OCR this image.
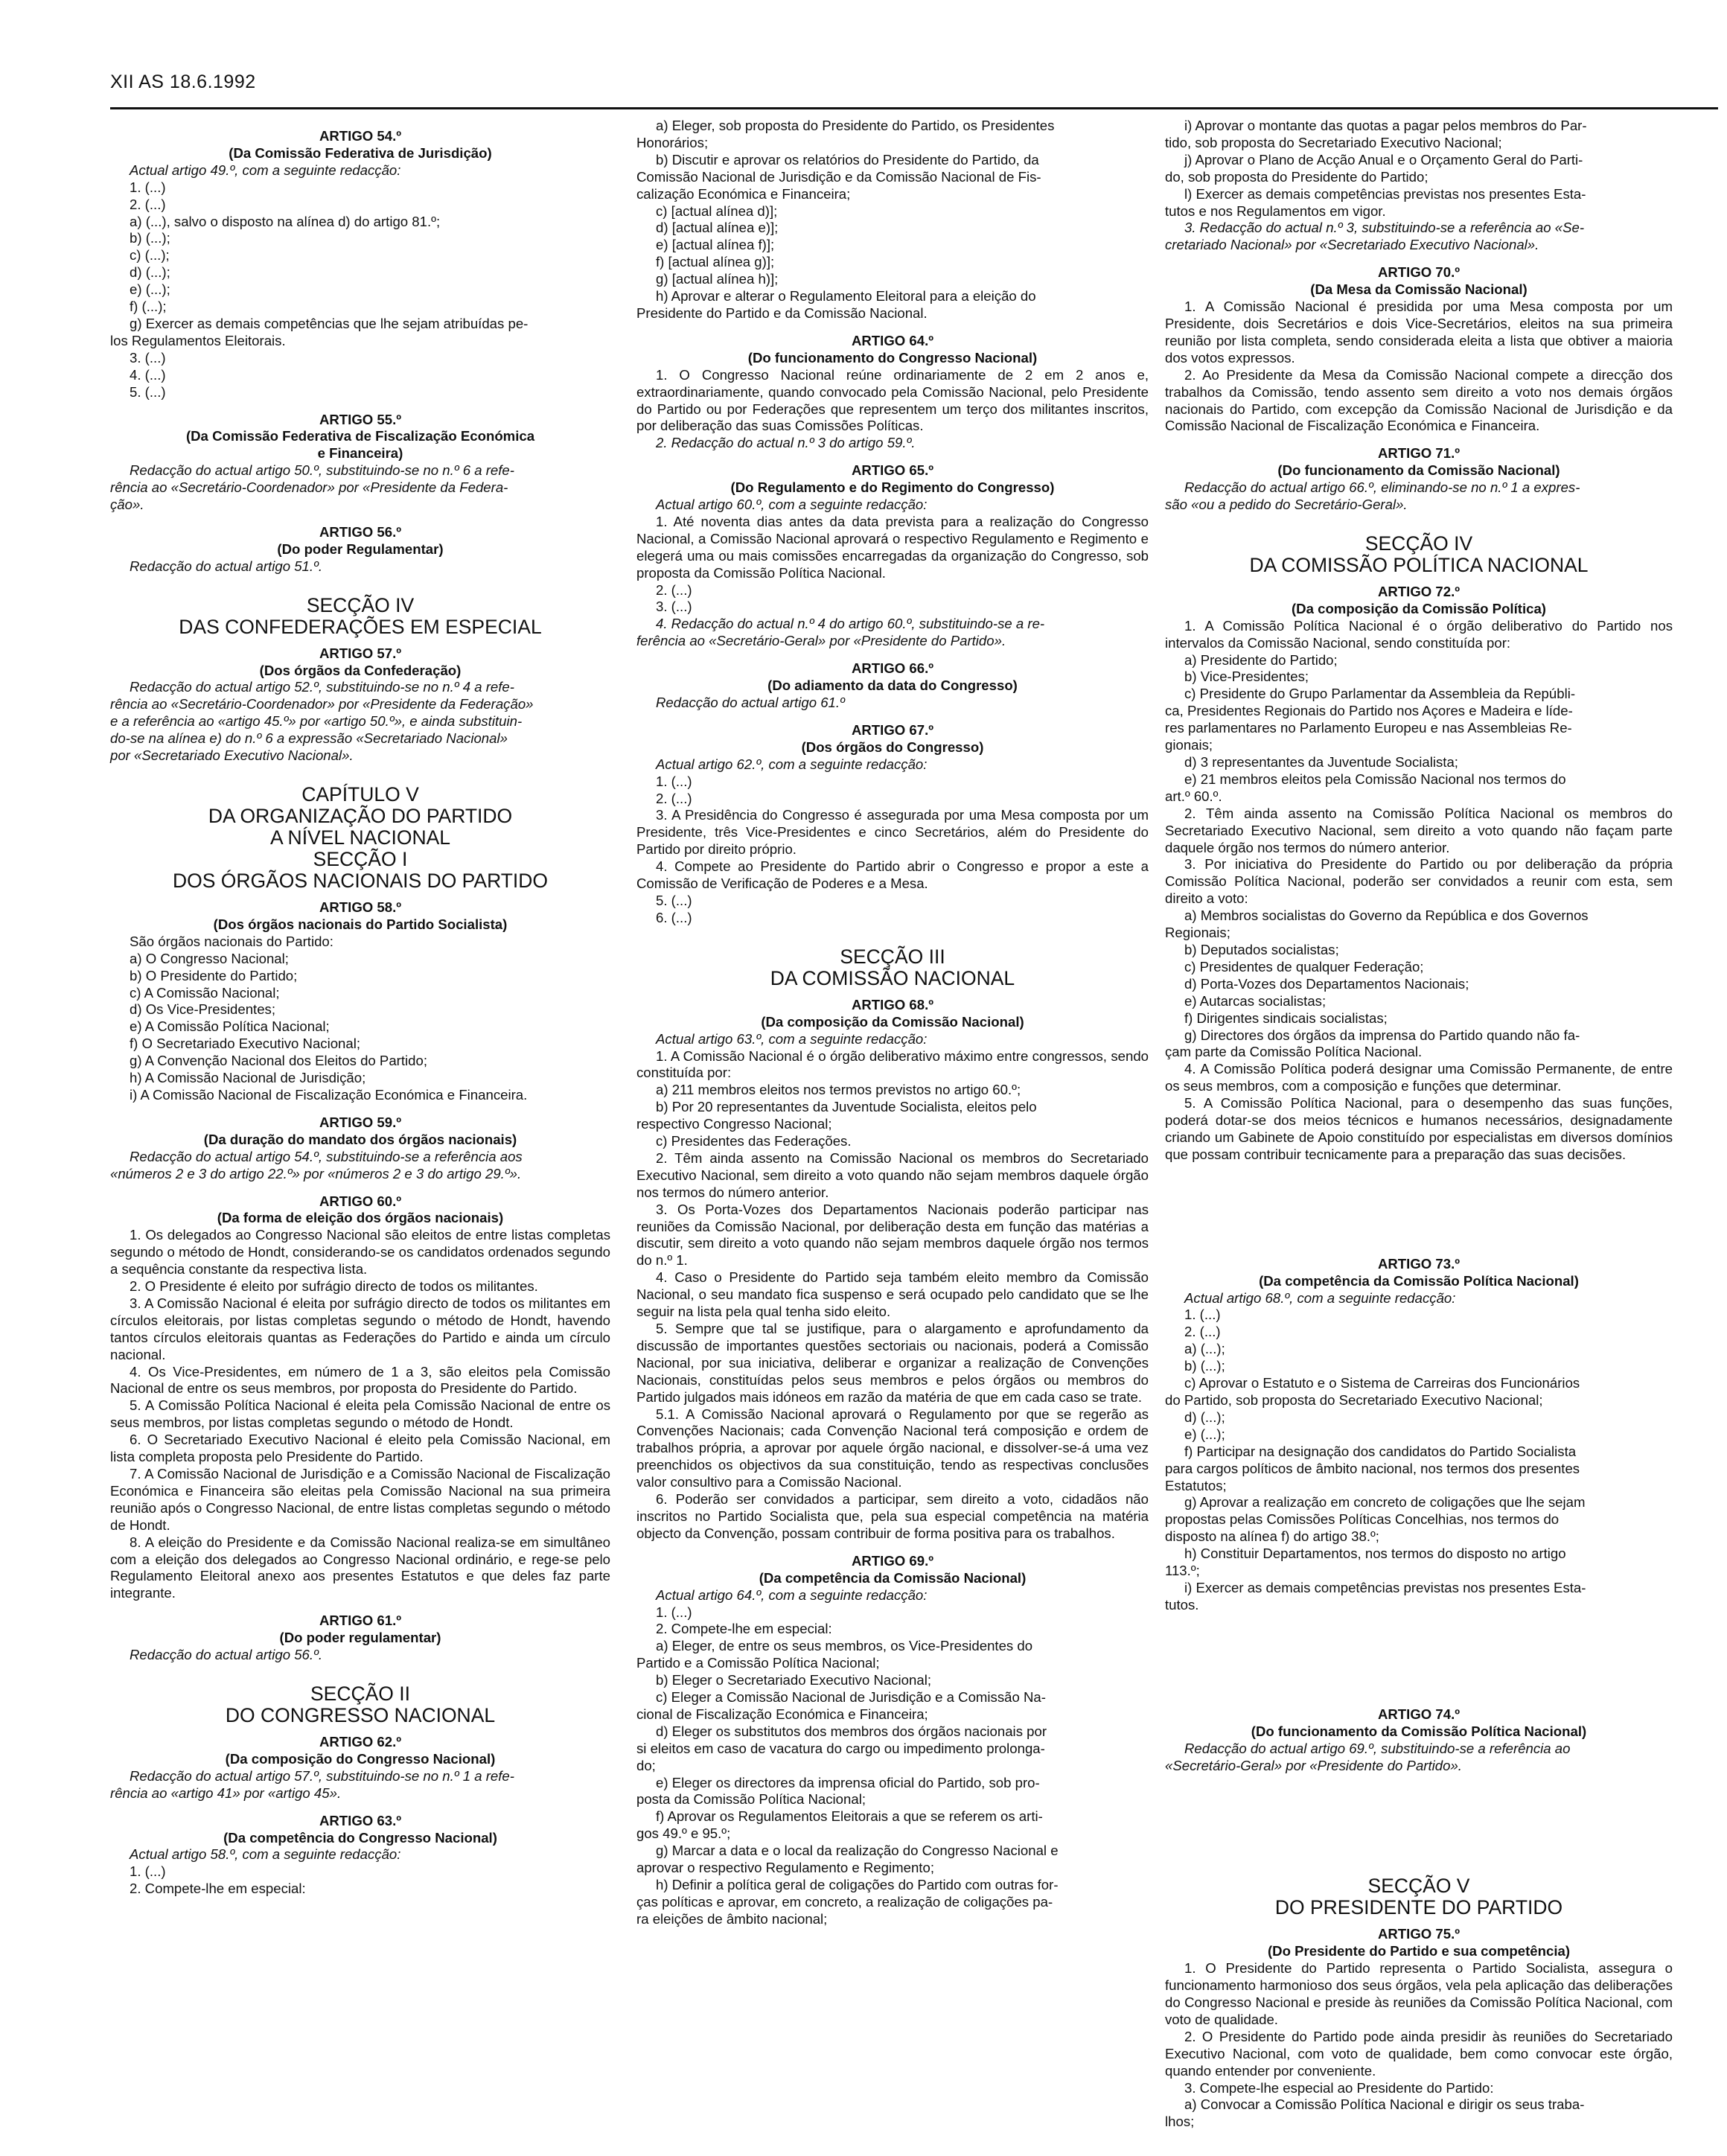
XII AS 18.6.1992
ARTIGO 54.º
(Da Comissão Federativa de Jurisdição)
Actual artigo 49.º, com a seguinte redacção:
1. (...)
2. (...)
a) (...), salvo o disposto na alínea d) do artigo 81.º;
b) (...);
c) (...);
d) (...);
e) (...);
f) (...);
g) Exercer as demais competências que lhe sejam atribuídas pe-
los Regulamentos Eleitorais.
3. (...)
4. (...)
5. (...)
ARTIGO 55.º
(Da Comissão Federativa de Fiscalização Económica
e Financeira)
Redacção do actual artigo 50.º, substituindo-se no n.º 6 a refe-
rência ao «Secretário-Coordenador» por «Presidente da Federa-
ção».
ARTIGO 56.º
(Do poder Regulamentar)
Redacção do actual artigo 51.º.
SECÇÃO IV
DAS CONFEDERAÇÕES EM ESPECIAL
ARTIGO 57.º
(Dos órgãos da Confederação)
Redacção do actual artigo 52.º, substituindo-se no n.º 4 a refe-
rência ao «Secretário-Coordenador» por «Presidente da Federação»
e a referência ao «artigo 45.º» por «artigo 50.º», e ainda substituin-
do-se na alínea e) do n.º 6 a expressão «Secretariado Nacional»
por «Secretariado Executivo Nacional».
CAPÍTULO V
DA ORGANIZAÇÃO DO PARTIDO
A NÍVEL NACIONAL
SECÇÃO I
DOS ÓRGÃOS NACIONAIS DO PARTIDO
ARTIGO 58.º
(Dos órgãos nacionais do Partido Socialista)
São órgãos nacionais do Partido:
a) O Congresso Nacional;
b) O Presidente do Partido;
c) A Comissão Nacional;
d) Os Vice-Presidentes;
e) A Comissão Política Nacional;
f) O Secretariado Executivo Nacional;
g) A Convenção Nacional dos Eleitos do Partido;
h) A Comissão Nacional de Jurisdição;
i) A Comissão Nacional de Fiscalização Económica e Financeira.
ARTIGO 59.º
(Da duração do mandato dos órgãos nacionais)
Redacção do actual artigo 54.º, substituindo-se a referência aos
«números 2 e 3 do artigo 22.º» por «números 2 e 3 do artigo 29.º».
ARTIGO 60.º
(Da forma de eleição dos órgãos nacionais)
1. Os delegados ao Congresso Nacional são eleitos de entre listas completas segundo o método de Hondt, considerando-se os candidatos ordenados segundo a sequência constante da respectiva lista.
2. O Presidente é eleito por sufrágio directo de todos os militantes.
3. A Comissão Nacional é eleita por sufrágio directo de todos os militantes em círculos eleitorais, por listas completas segundo o método de Hondt, havendo tantos círculos eleitorais quantas as Federações do Partido e ainda um círculo nacional.
4. Os Vice-Presidentes, em número de 1 a 3, são eleitos pela Comissão Nacional de entre os seus membros, por proposta do Presidente do Partido.
5. A Comissão Política Nacional é eleita pela Comissão Nacional de entre os seus membros, por listas completas segundo o método de Hondt.
6. O Secretariado Executivo Nacional é eleito pela Comissão Nacional, em lista completa proposta pelo Presidente do Partido.
7. A Comissão Nacional de Jurisdição e a Comissão Nacional de Fiscalização Económica e Financeira são eleitas pela Comissão Nacional na sua primeira reunião após o Congresso Nacional, de entre listas completas segundo o método de Hondt.
8. A eleição do Presidente e da Comissão Nacional realiza-se em simultâneo com a eleição dos delegados ao Congresso Nacional ordinário, e rege-se pelo Regulamento Eleitoral anexo aos presentes Estatutos e que deles faz parte integrante.
ARTIGO 61.º
(Do poder regulamentar)
Redacção do actual artigo 56.º.
SECÇÃO II
DO CONGRESSO NACIONAL
ARTIGO 62.º
(Da composição do Congresso Nacional)
Redacção do actual artigo 57.º, substituindo-se no n.º 1 a refe-
rência ao «artigo 41» por «artigo 45».
ARTIGO 63.º
(Da competência do Congresso Nacional)
Actual artigo 58.º, com a seguinte redacção:
1. (...)
2. Compete-lhe em especial:
a) Eleger, sob proposta do Presidente do Partido, os Presidentes
Honorários;
b) Discutir e aprovar os relatórios do Presidente do Partido, da
Comissão Nacional de Jurisdição e da Comissão Nacional de Fis-
calização Económica e Financeira;
c) [actual alínea d)];
d) [actual alínea e)];
e) [actual alínea f)];
f) [actual alínea g)];
g) [actual alínea h)];
h) Aprovar e alterar o Regulamento Eleitoral para a eleição do
Presidente do Partido e da Comissão Nacional.
ARTIGO 64.º
(Do funcionamento do Congresso Nacional)
1. O Congresso Nacional reúne ordinariamente de 2 em 2 anos e, extraordinariamente, quando convocado pela Comissão Nacional, pelo Presidente do Partido ou por Federações que representem um terço dos militantes inscritos, por deliberação das suas Comissões Políticas.
2. Redacção do actual n.º 3 do artigo 59.º.
ARTIGO 65.º
(Do Regulamento e do Regimento do Congresso)
Actual artigo 60.º, com a seguinte redacção:
1. Até noventa dias antes da data prevista para a realização do Congresso Nacional, a Comissão Nacional aprovará o respectivo Regulamento e Regimento e elegerá uma ou mais comissões encarregadas da organização do Congresso, sob proposta da Comissão Política Nacional.
2. (...)
3. (...)
4. Redacção do actual n.º 4 do artigo 60.º, substituindo-se a re-
ferência ao «Secretário-Geral» por «Presidente do Partido».
ARTIGO 66.º
(Do adiamento da data do Congresso)
Redacção do actual artigo 61.º
ARTIGO 67.º
(Dos órgãos do Congresso)
Actual artigo 62.º, com a seguinte redacção:
1. (...)
2. (...)
3. A Presidência do Congresso é assegurada por uma Mesa composta por um Presidente, três Vice-Presidentes e cinco Secretários, além do Presidente do Partido por direito próprio.
4. Compete ao Presidente do Partido abrir o Congresso e propor a este a Comissão de Verificação de Poderes e a Mesa.
5. (...)
6. (...)
SECÇÃO III
DA COMISSÃO NACIONAL
ARTIGO 68.º
(Da composição da Comissão Nacional)
Actual artigo 63.º, com a seguinte redacção:
1. A Comissão Nacional é o órgão deliberativo máximo entre congressos, sendo constituída por:
a) 211 membros eleitos nos termos previstos no artigo 60.º;
b) Por 20 representantes da Juventude Socialista, eleitos pelo
respectivo Congresso Nacional;
c) Presidentes das Federações.
2. Têm ainda assento na Comissão Nacional os membros do Secretariado Executivo Nacional, sem direito a voto quando não sejam membros daquele órgão nos termos do número anterior.
3. Os Porta-Vozes dos Departamentos Nacionais poderão participar nas reuniões da Comissão Nacional, por deliberação desta em função das matérias a discutir, sem direito a voto quando não sejam membros daquele órgão nos termos do n.º 1.
4. Caso o Presidente do Partido seja também eleito membro da Comissão Nacional, o seu mandato fica suspenso e será ocupado pelo candidato que se lhe seguir na lista pela qual tenha sido eleito.
5. Sempre que tal se justifique, para o alargamento e aprofundamento da discussão de importantes questões sectoriais ou nacionais, poderá a Comissão Nacional, por sua iniciativa, deliberar e organizar a realização de Convenções Nacionais, constituídas pelos seus membros e pelos órgãos ou membros do Partido julgados mais idóneos em razão da matéria de que em cada caso se trate.
5.1. A Comissão Nacional aprovará o Regulamento por que se regerão as Convenções Nacionais; cada Convenção Nacional terá composição e ordem de trabalhos própria, a aprovar por aquele órgão nacional, e dissolver-se-á uma vez preenchidos os objectivos da sua constituição, tendo as respectivas conclusões valor consultivo para a Comissão Nacional.
6. Poderão ser convidados a participar, sem direito a voto, cidadãos não inscritos no Partido Socialista que, pela sua especial competência na matéria objecto da Convenção, possam contribuir de forma positiva para os trabalhos.
ARTIGO 69.º
(Da competência da Comissão Nacional)
Actual artigo 64.º, com a seguinte redacção:
1. (...)
2. Compete-lhe em especial:
a) Eleger, de entre os seus membros, os Vice-Presidentes do
Partido e a Comissão Política Nacional;
b) Eleger o Secretariado Executivo Nacional;
c) Eleger a Comissão Nacional de Jurisdição e a Comissão Na-
cional de Fiscalização Económica e Financeira;
d) Eleger os substitutos dos membros dos órgãos nacionais por
si eleitos em caso de vacatura do cargo ou impedimento prolonga-
do;
e) Eleger os directores da imprensa oficial do Partido, sob pro-
posta da Comissão Política Nacional;
f) Aprovar os Regulamentos Eleitorais a que se referem os arti-
gos 49.º e 95.º;
g) Marcar a data e o local da realização do Congresso Nacional e
aprovar o respectivo Regulamento e Regimento;
h) Definir a política geral de coligações do Partido com outras for-
ças políticas e aprovar, em concreto, a realização de coligações pa-
ra eleições de âmbito nacional;
i) Aprovar o montante das quotas a pagar pelos membros do Par-
tido, sob proposta do Secretariado Executivo Nacional;
j) Aprovar o Plano de Acção Anual e o Orçamento Geral do Parti-
do, sob proposta do Presidente do Partido;
l) Exercer as demais competências previstas nos presentes Esta-
tutos e nos Regulamentos em vigor.
3. Redacção do actual n.º 3, substituindo-se a referência ao «Se-
cretariado Nacional» por «Secretariado Executivo Nacional».
ARTIGO 70.º
(Da Mesa da Comissão Nacional)
1. A Comissão Nacional é presidida por uma Mesa composta por um Presidente, dois Secretários e dois Vice-Secretários, eleitos na sua primeira reunião por lista completa, sendo considerada eleita a lista que obtiver a maioria dos votos expressos.
2. Ao Presidente da Mesa da Comissão Nacional compete a direcção dos trabalhos da Comissão, tendo assento sem direito a voto nos demais órgãos nacionais do Partido, com excepção da Comissão Nacional de Jurisdição e da Comissão Nacional de Fiscalização Económica e Financeira.
ARTIGO 71.º
(Do funcionamento da Comissão Nacional)
Redacção do actual artigo 66.º, eliminando-se no n.º 1 a expres-
são «ou a pedido do Secretário-Geral».
SECÇÃO IV
DA COMISSÃO POLÍTICA NACIONAL
ARTIGO 72.º
(Da composição da Comissão Política)
1. A Comissão Política Nacional é o órgão deliberativo do Partido nos intervalos da Comissão Nacional, sendo constituída por:
a) Presidente do Partido;
b) Vice-Presidentes;
c) Presidente do Grupo Parlamentar da Assembleia da Repúbli-
ca, Presidentes Regionais do Partido nos Açores e Madeira e líde-
res parlamentares no Parlamento Europeu e nas Assembleias Re-
gionais;
d) 3 representantes da Juventude Socialista;
e) 21 membros eleitos pela Comissão Nacional nos termos do
art.º 60.º.
2. Têm ainda assento na Comissão Política Nacional os membros do Secretariado Executivo Nacional, sem direito a voto quando não façam parte daquele órgão nos termos do número anterior.
3. Por iniciativa do Presidente do Partido ou por deliberação da própria Comissão Política Nacional, poderão ser convidados a reunir com esta, sem direito a voto:
a) Membros socialistas do Governo da República e dos Governos
Regionais;
b) Deputados socialistas;
c) Presidentes de qualquer Federação;
d) Porta-Vozes dos Departamentos Nacionais;
e) Autarcas socialistas;
f) Dirigentes sindicais socialistas;
g) Directores dos órgãos da imprensa do Partido quando não fa-
çam parte da Comissão Política Nacional.
4. A Comissão Política poderá designar uma Comissão Permanente, de entre os seus membros, com a composição e funções que determinar.
5. A Comissão Política Nacional, para o desempenho das suas funções, poderá dotar-se dos meios técnicos e humanos necessários, designadamente criando um Gabinete de Apoio constituído por especialistas em diversos domínios que possam contribuir tecnicamente para a preparação das suas decisões.
ARTIGO 73.º
(Da competência da Comissão Política Nacional)
Actual artigo 68.º, com a seguinte redacção:
1. (...)
2. (...)
a) (...);
b) (...);
c) Aprovar o Estatuto e o Sistema de Carreiras dos Funcionários
do Partido, sob proposta do Secretariado Executivo Nacional;
d) (...);
e) (...);
f) Participar na designação dos candidatos do Partido Socialista
para cargos políticos de âmbito nacional, nos termos dos presentes
Estatutos;
g) Aprovar a realização em concreto de coligações que lhe sejam
propostas pelas Comissões Políticas Concelhias, nos termos do
disposto na alínea f) do artigo 38.º;
h) Constituir Departamentos, nos termos do disposto no artigo
113.º;
i) Exercer as demais competências previstas nos presentes Esta-
tutos.
ARTIGO 74.º
(Do funcionamento da Comissão Política Nacional)
Redacção do actual artigo 69.º, substituindo-se a referência ao
«Secretário-Geral» por «Presidente do Partido».
SECÇÃO V
DO PRESIDENTE DO PARTIDO
ARTIGO 75.º
(Do Presidente do Partido e sua competência)
1. O Presidente do Partido representa o Partido Socialista, assegura o funcionamento harmonioso dos seus órgãos, vela pela aplicação das deliberações do Congresso Nacional e preside às reuniões da Comissão Política Nacional, com voto de qualidade.
2. O Presidente do Partido pode ainda presidir às reuniões do Secretariado Executivo Nacional, com voto de qualidade, bem como convocar este órgão, quando entender por conveniente.
3. Compete-lhe especial ao Presidente do Partido:
a) Convocar a Comissão Política Nacional e dirigir os seus traba-
lhos;
